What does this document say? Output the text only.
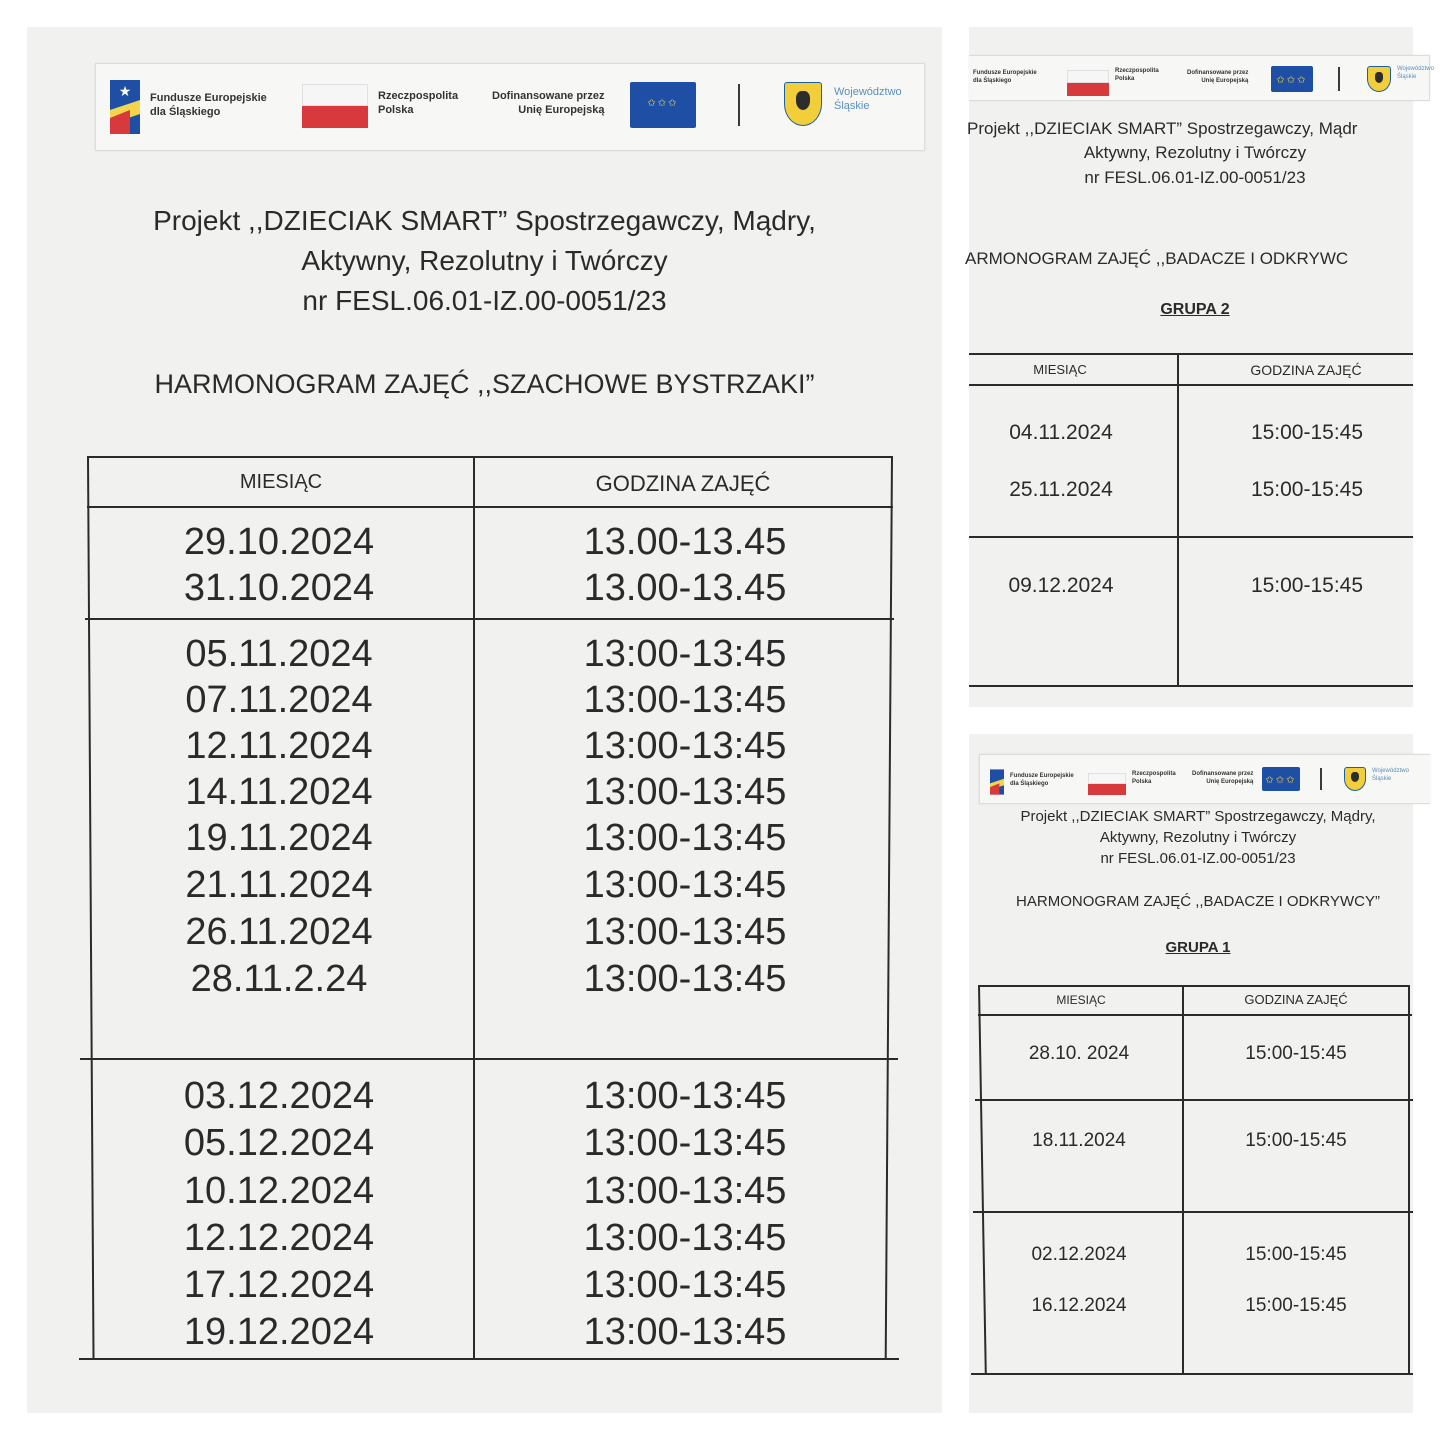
★ Fundusze Europejskie
dla Śląskiego
Rzeczpospolita
Polska
Dofinansowane przez
Unię Europejską
✩✩✩
Województwo
Śląskie
Projekt ,,DZIECIAK SMART” Spostrzegawczy, Mądry,
Aktywny, Rezolutny i Twórczy
nr FESL.06.01-IZ.00-0051/23
HARMONOGRAM ZAJĘĆ ,,SZACHOWE BYSTRZAKI”
MIESIĄC	GODZINA ZAJĘĆ
29.10.2024	13.00-13.45
31.10.2024	13.00-13.45
05.11.2024	13:00-13:45
07.11.2024	13:00-13:45
12.11.2024	13:00-13:45
14.11.2024	13:00-13:45
19.11.2024	13:00-13:45
21.11.2024	13:00-13:45
26.11.2024	13:00-13:45
28.11.2.24	13:00-13:45
03.12.2024	13:00-13:45
05.12.2024	13:00-13:45
10.12.2024	13:00-13:45
12.12.2024	13:00-13:45
17.12.2024	13:00-13:45
19.12.2024	13:00-13:45
Fundusze Europejskie
dla Śląskiego
Rzeczpospolita
Polska
Dofinansowane przez
Unię Europejską
✩✩✩
Województwo
Śląskie
Projekt ,,DZIECIAK SMART” Spostrzegawczy, Mądr
Aktywny, Rezolutny i Twórczy
nr FESL.06.01-IZ.00-0051/23
ARMONOGRAM ZAJĘĆ ,,BADACZE I ODKRYWC
GRUPA 2
MIESIĄC	GODZINA ZAJĘĆ
04.11.2024	15:00-15:45
25.11.2024	15:00-15:45
09.12.2024	15:00-15:45
Fundusze Europejskie
dla Śląskiego
Rzeczpospolita
Polska
Dofinansowane przez
Unię Europejską
✩✩✩
Województwo
Śląskie
Projekt ,,DZIECIAK SMART” Spostrzegawczy, Mądry,
Aktywny, Rezolutny i Twórczy
nr FESL.06.01-IZ.00-0051/23
HARMONOGRAM ZAJĘĆ ,,BADACZE I ODKRYWCY”
GRUPA 1
MIESIĄC	GODZINA ZAJĘĆ
28.10. 2024	15:00-15:45
18.11.2024	15:00-15:45
02.12.2024	15:00-15:45
16.12.2024	15:00-15:45
